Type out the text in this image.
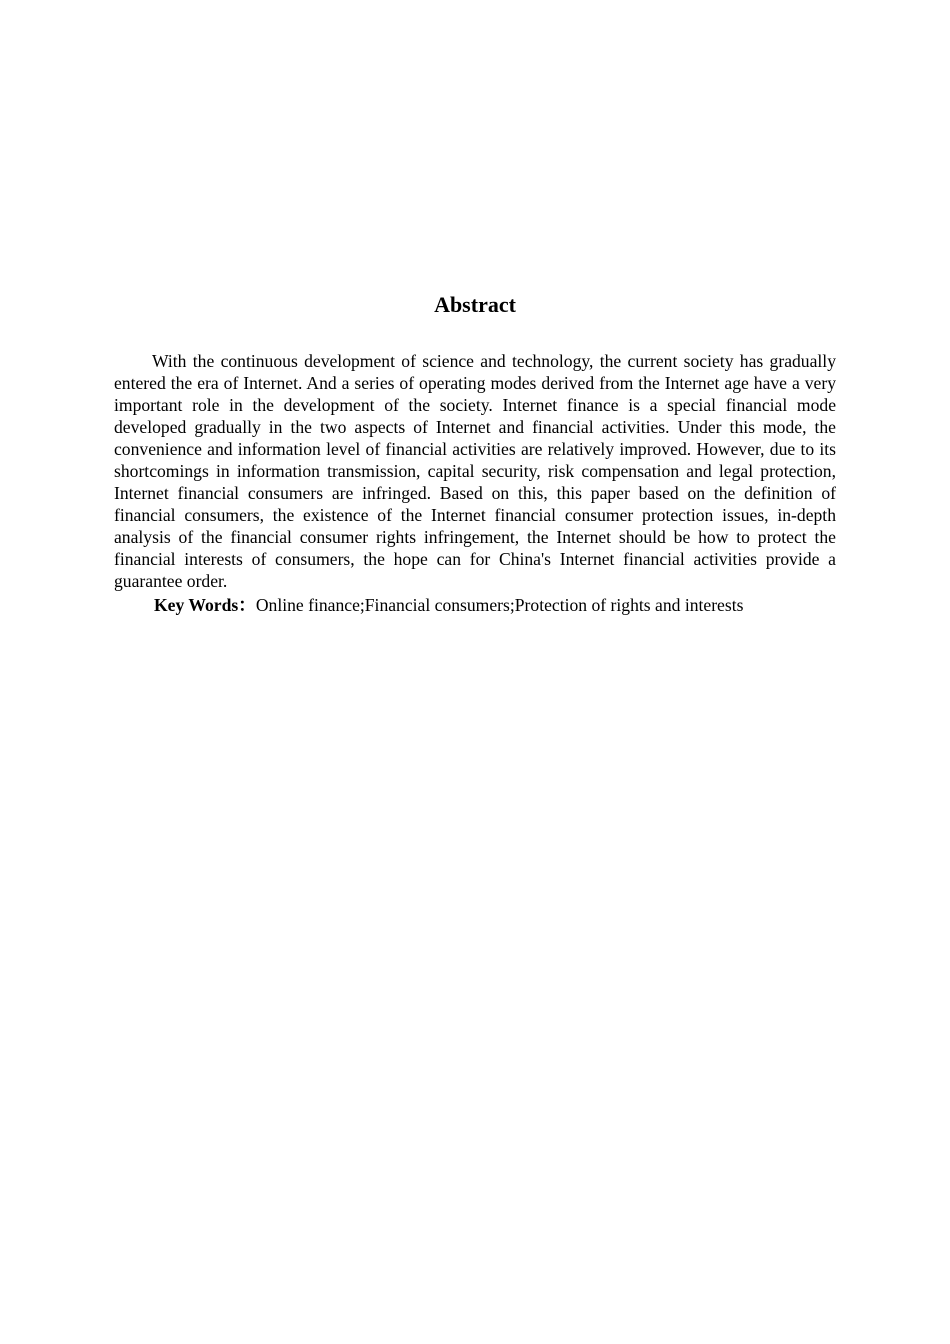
Abstract

With the continuous development of science and technology, the current society has gradually entered the era of Internet. And a series of operating modes derived from the Internet age have a very important role in the development of the society. Internet finance is a special financial mode developed gradually in the two aspects of Internet and financial activities. Under this mode, the convenience and information level of financial activities are relatively improved. However, due to its shortcomings in information transmission, capital security, risk compensation and legal protection, Internet financial consumers are infringed. Based on this, this paper based on the definition of financial consumers, the existence of the Internet financial consumer protection issues, in-depth analysis of the financial consumer rights infringement, the Internet should be how to protect the financial interests of consumers, the hope can for China's Internet financial activities provide a guarantee order.

Key Words：Online finance;Financial consumers;Protection of rights and interests
